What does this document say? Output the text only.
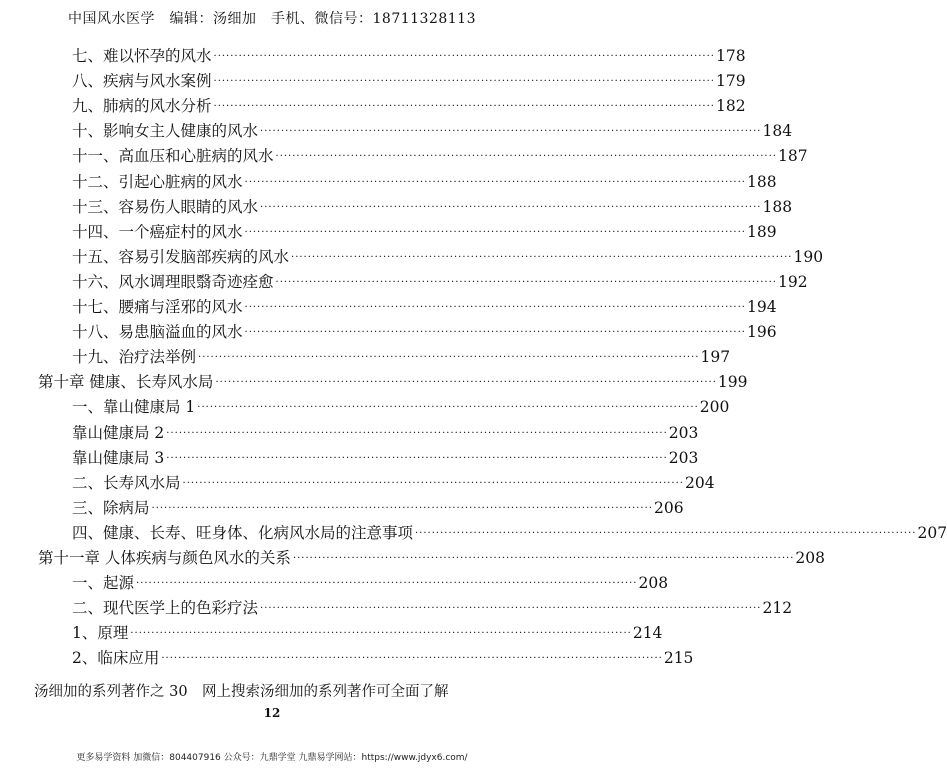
中国风水医学　编辑：汤细加　手机、微信号：18711328113
七、难以怀孕的风水 ························································································································ 178
八、疾病与风水案例 ························································································································ 179
九、肺病的风水分析 ························································································································ 182
十、影响女主人健康的风水 ························································································································ 184
十一、高血压和心脏病的风水 ························································································································ 187
十二、引起心脏病的风水 ························································································································ 188
十三、容易伤人眼睛的风水 ························································································································ 188
十四、一个癌症村的风水 ························································································································ 189
十五、容易引发脑部疾病的风水 ························································································································ 190
十六、风水调理眼翳奇迹痊愈 ························································································································ 192
十七、腰痛与淫邪的风水 ························································································································ 194
十八、易患脑溢血的风水 ························································································································ 196
十九、治疗法举例 ························································································································ 197
第十章 健康、长寿风水局 ························································································································ 199
一、靠山健康局 1 ························································································································ 200
靠山健康局 2 ························································································································ 203
靠山健康局 3 ························································································································ 203
二、长寿风水局 ························································································································ 204
三、除病局 ························································································································ 206
四、健康、长寿、旺身体、化病风水局的注意事项 ························································································································ 207
第十一章 人体疾病与颜色风水的关系 ························································································································ 208
一、起源 ························································································································ 208
二、现代医学上的色彩疗法 ························································································································ 212
1、原理 ························································································································ 214
2、临床应用 ························································································································ 215
汤细加的系列著作之 30　网上搜索汤细加的系列著作可全面了解
12
更多易学资料 加微信：804407916 公众号：九鼎学堂 九鼎易学网站：https://www.jdyx6.com/
